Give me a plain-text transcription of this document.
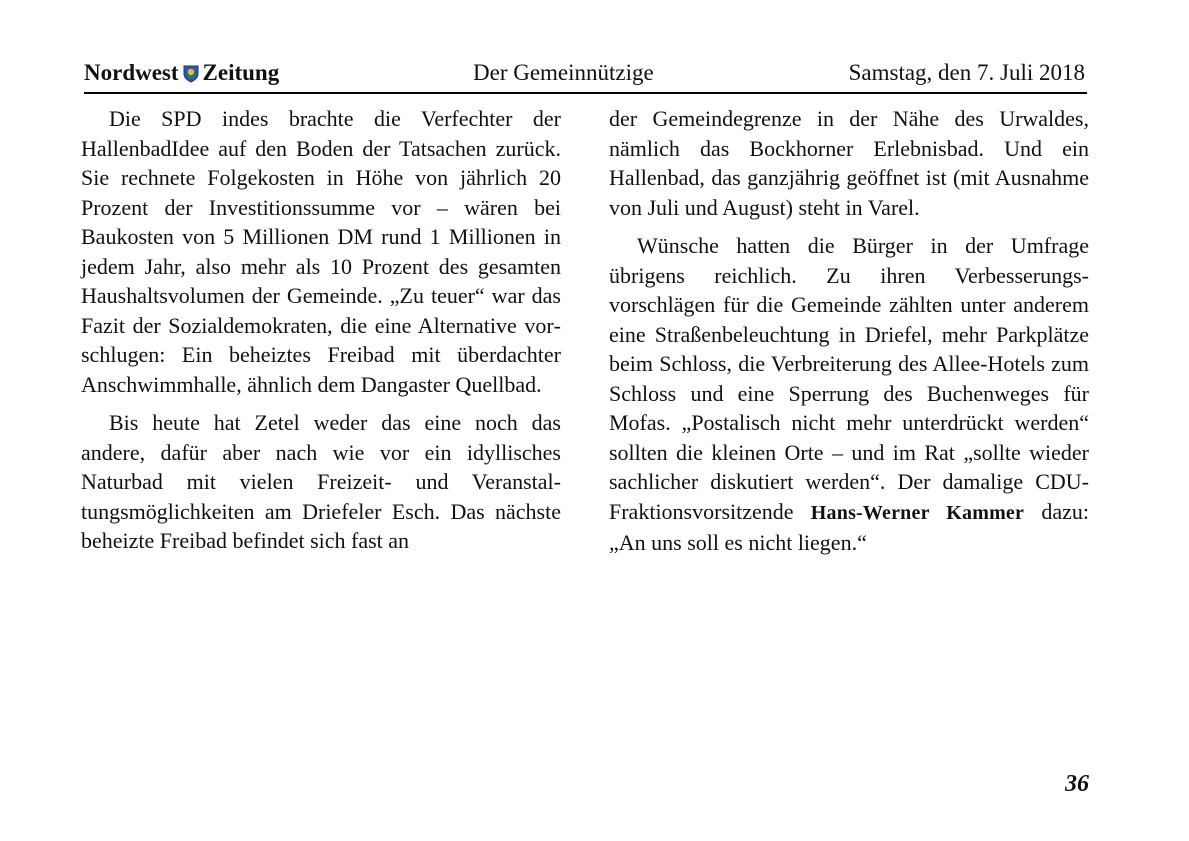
Nordwest Zeitung	Der Gemeinnützige	Samstag, den 7. Juli 2018

Die SPD indes brachte die Verfechter der HallenbadIdee auf den Boden der Tatsachen zurück. Sie rechnete Folgekosten in Höhe von jährlich 20 Prozent der Investitionssumme vor – wären bei Baukosten von 5 Millionen DM rund 1 Millionen in jedem Jahr, also mehr als 10 Prozent des gesamten Haushaltsvolumen der Gemeinde. „Zu teuer“ war das Fazit der Sozialdemokraten, die eine Alternative vorschlugen: Ein beheiztes Freibad mit überdachter Anschwimmhalle, ähnlich dem Dangaster Quellbad.

Bis heute hat Zetel weder das eine noch das andere, dafür aber nach wie vor ein idyllisches Naturbad mit vielen Freizeit- und Veranstaltungsmöglichkeiten am Driefeler Esch. Das nächste beheizte Freibad befindet sich fast an

der Gemeindegrenze in der Nähe des Urwaldes, nämlich das Bockhorner Erlebnisbad. Und ein Hallenbad, das ganzjährig geöffnet ist (mit Ausnahme von Juli und August) steht in Varel.

Wünsche hatten die Bürger in der Umfrage übrigens reichlich. Zu ihren Verbesserungsvorschlägen für die Gemeinde zählten unter anderem eine Straßenbeleuchtung in Driefel, mehr Parkplätze beim Schloss, die Verbreiterung des Allee-Hotels zum Schloss und eine Sperrung des Buchenweges für Mofas. „Postalisch nicht mehr unterdrückt werden“ sollten die kleinen Orte – und im Rat „sollte wieder sachlicher diskutiert werden“. Der damalige CDU-Fraktionsvorsitzende Hans-Werner Kammer dazu: „An uns soll es nicht liegen.“

36
